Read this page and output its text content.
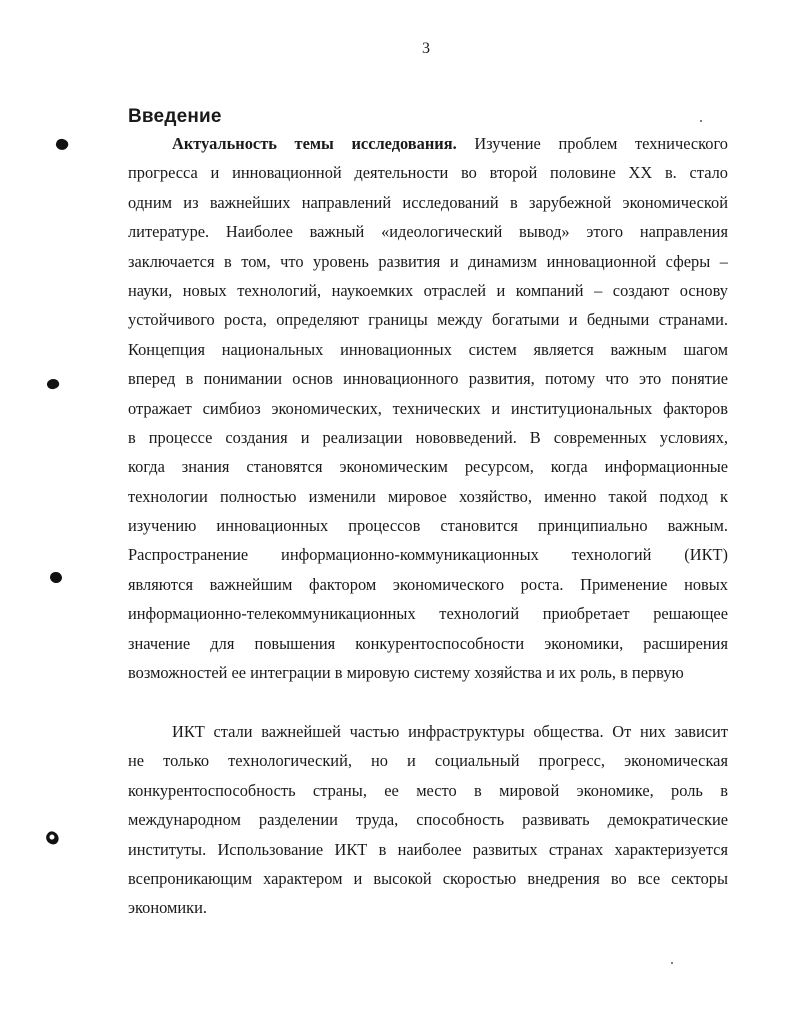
3
Введение
Актуальность темы исследования. Изучение проблем технического
прогресса и инновационной деятельности во второй половине XX в. стало
одним из важнейших направлений исследований в зарубежной экономической
литературе. Наиболее важный «идеологический вывод» этого направления
заключается в том, что уровень развития и динамизм инновационной сферы –
науки, новых технологий, наукоемких отраслей и компаний – создают основу
устойчивого роста, определяют границы между богатыми и бедными странами.
Концепция национальных инновационных систем является важным шагом
вперед в понимании основ инновационного развития, потому что это понятие
отражает симбиоз экономических, технических и институциональных факторов
в процессе создания и реализации нововведений. В современных условиях,
когда знания становятся экономическим ресурсом, когда информационные
технологии полностью изменили мировое хозяйство, именно такой подход к
изучению инновационных процессов становится принципиально важным.
Распространение информационно-коммуникационных технологий (ИКТ)
являются важнейшим фактором экономического роста. Применение новых
информационно-телекоммуникационных технологий приобретает решающее
значение для повышения конкурентоспособности экономики, расширения
возможностей ее интеграции в мировую систему хозяйства и их роль, в первую
ИКТ стали важнейшей частью инфраструктуры общества. От них зависит
не только технологический, но и социальный прогресс, экономическая
конкурентоспособность страны, ее место в мировой экономике, роль в
международном разделении труда, способность развивать демократические
институты. Использование ИКТ в наиболее развитых странах характеризуется
всепроникающим характером и высокой скоростью внедрения во все секторы
экономики.
